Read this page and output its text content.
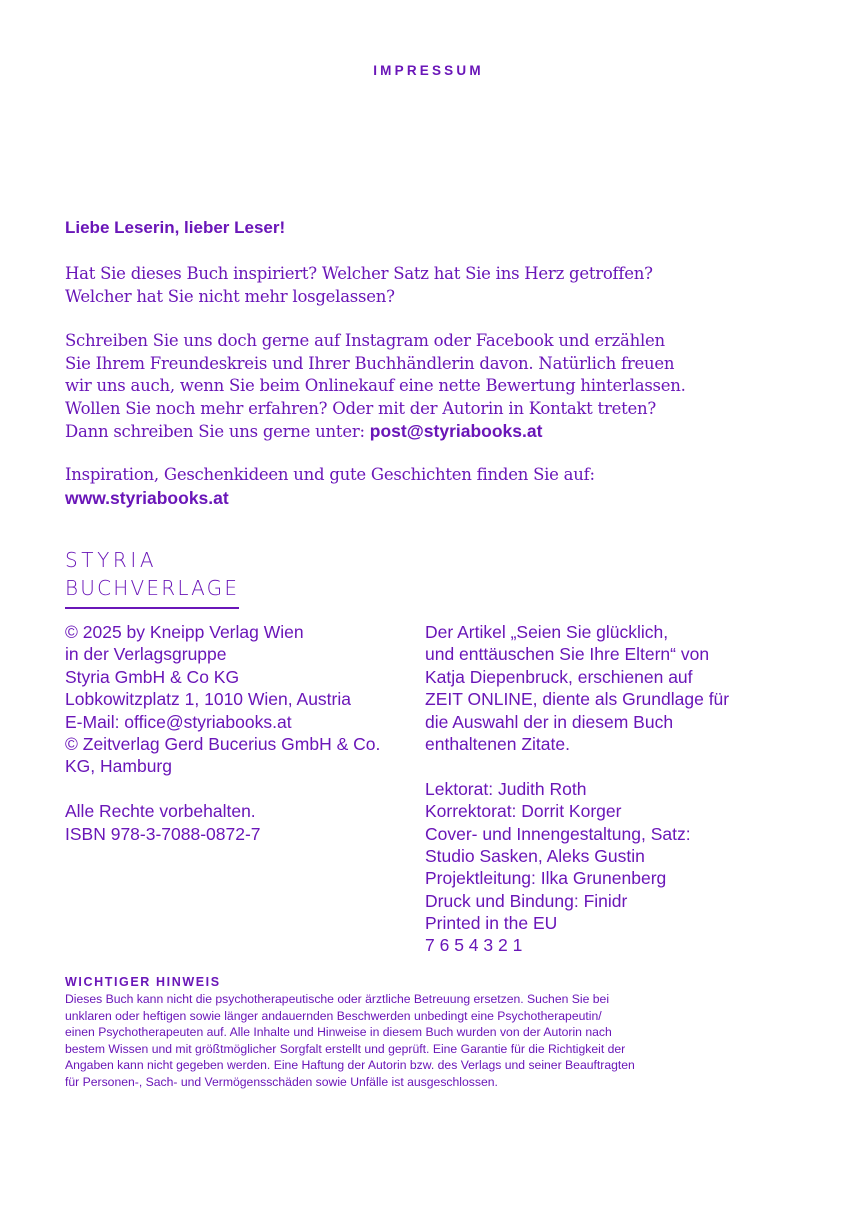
IMPRESSUM
Liebe Leserin, lieber Leser!
Hat Sie dieses Buch inspiriert? Welcher Satz hat Sie ins Herz getroffen?
Welcher hat Sie nicht mehr losgelassen?
Schreiben Sie uns doch gerne auf Instagram oder Facebook und erzählen
Sie Ihrem Freundeskreis und Ihrer Buchhändlerin davon. Natürlich freuen
wir uns auch, wenn Sie beim Onlinekauf eine nette Bewertung hinterlassen.
Wollen Sie noch mehr erfahren? Oder mit der Autorin in Kontakt treten?
Dann schreiben Sie uns gerne unter: post@styriabooks.at
Inspiration, Geschenkideen und gute Geschichten finden Sie auf:
www.styriabooks.at
STYRIA
BUCHVERLAGE
© 2025 by Kneipp Verlag Wien
in der Verlagsgruppe
Styria GmbH & Co KG
Lobkowitzplatz 1, 1010 Wien, Austria
E-Mail: office@styriabooks.at
© Zeitverlag Gerd Bucerius GmbH & Co.
KG, Hamburg
Alle Rechte vorbehalten.
ISBN 978-3-7088-0872-7
Der Artikel „Seien Sie glücklich,
und enttäuschen Sie Ihre Eltern“ von
Katja Diepenbruck, erschienen auf
ZEIT ONLINE, diente als Grundlage für
die Auswahl der in diesem Buch
enthaltenen Zitate.
Lektorat: Judith Roth
Korrektorat: Dorrit Korger
Cover- und Innengestaltung, Satz:
Studio Sasken, Aleks Gustin
Projektleitung: Ilka Grunenberg
Druck und Bindung: Finidr
Printed in the EU
7 6 5 4 3 2 1
WICHTIGER HINWEIS
Dieses Buch kann nicht die psychotherapeutische oder ärztliche Betreuung ersetzen. Suchen Sie bei
unklaren oder heftigen sowie länger andauernden Beschwerden unbedingt eine Psychotherapeutin/
einen Psychotherapeuten auf. Alle Inhalte und Hinweise in diesem Buch wurden von der Autorin nach
bestem Wissen und mit größtmöglicher Sorgfalt erstellt und geprüft. Eine Garantie für die Richtigkeit der
Angaben kann nicht gegeben werden. Eine Haftung der Autorin bzw. des Verlags und seiner Beauftragten
für Personen-, Sach- und Vermögensschäden sowie Unfälle ist ausgeschlossen.
